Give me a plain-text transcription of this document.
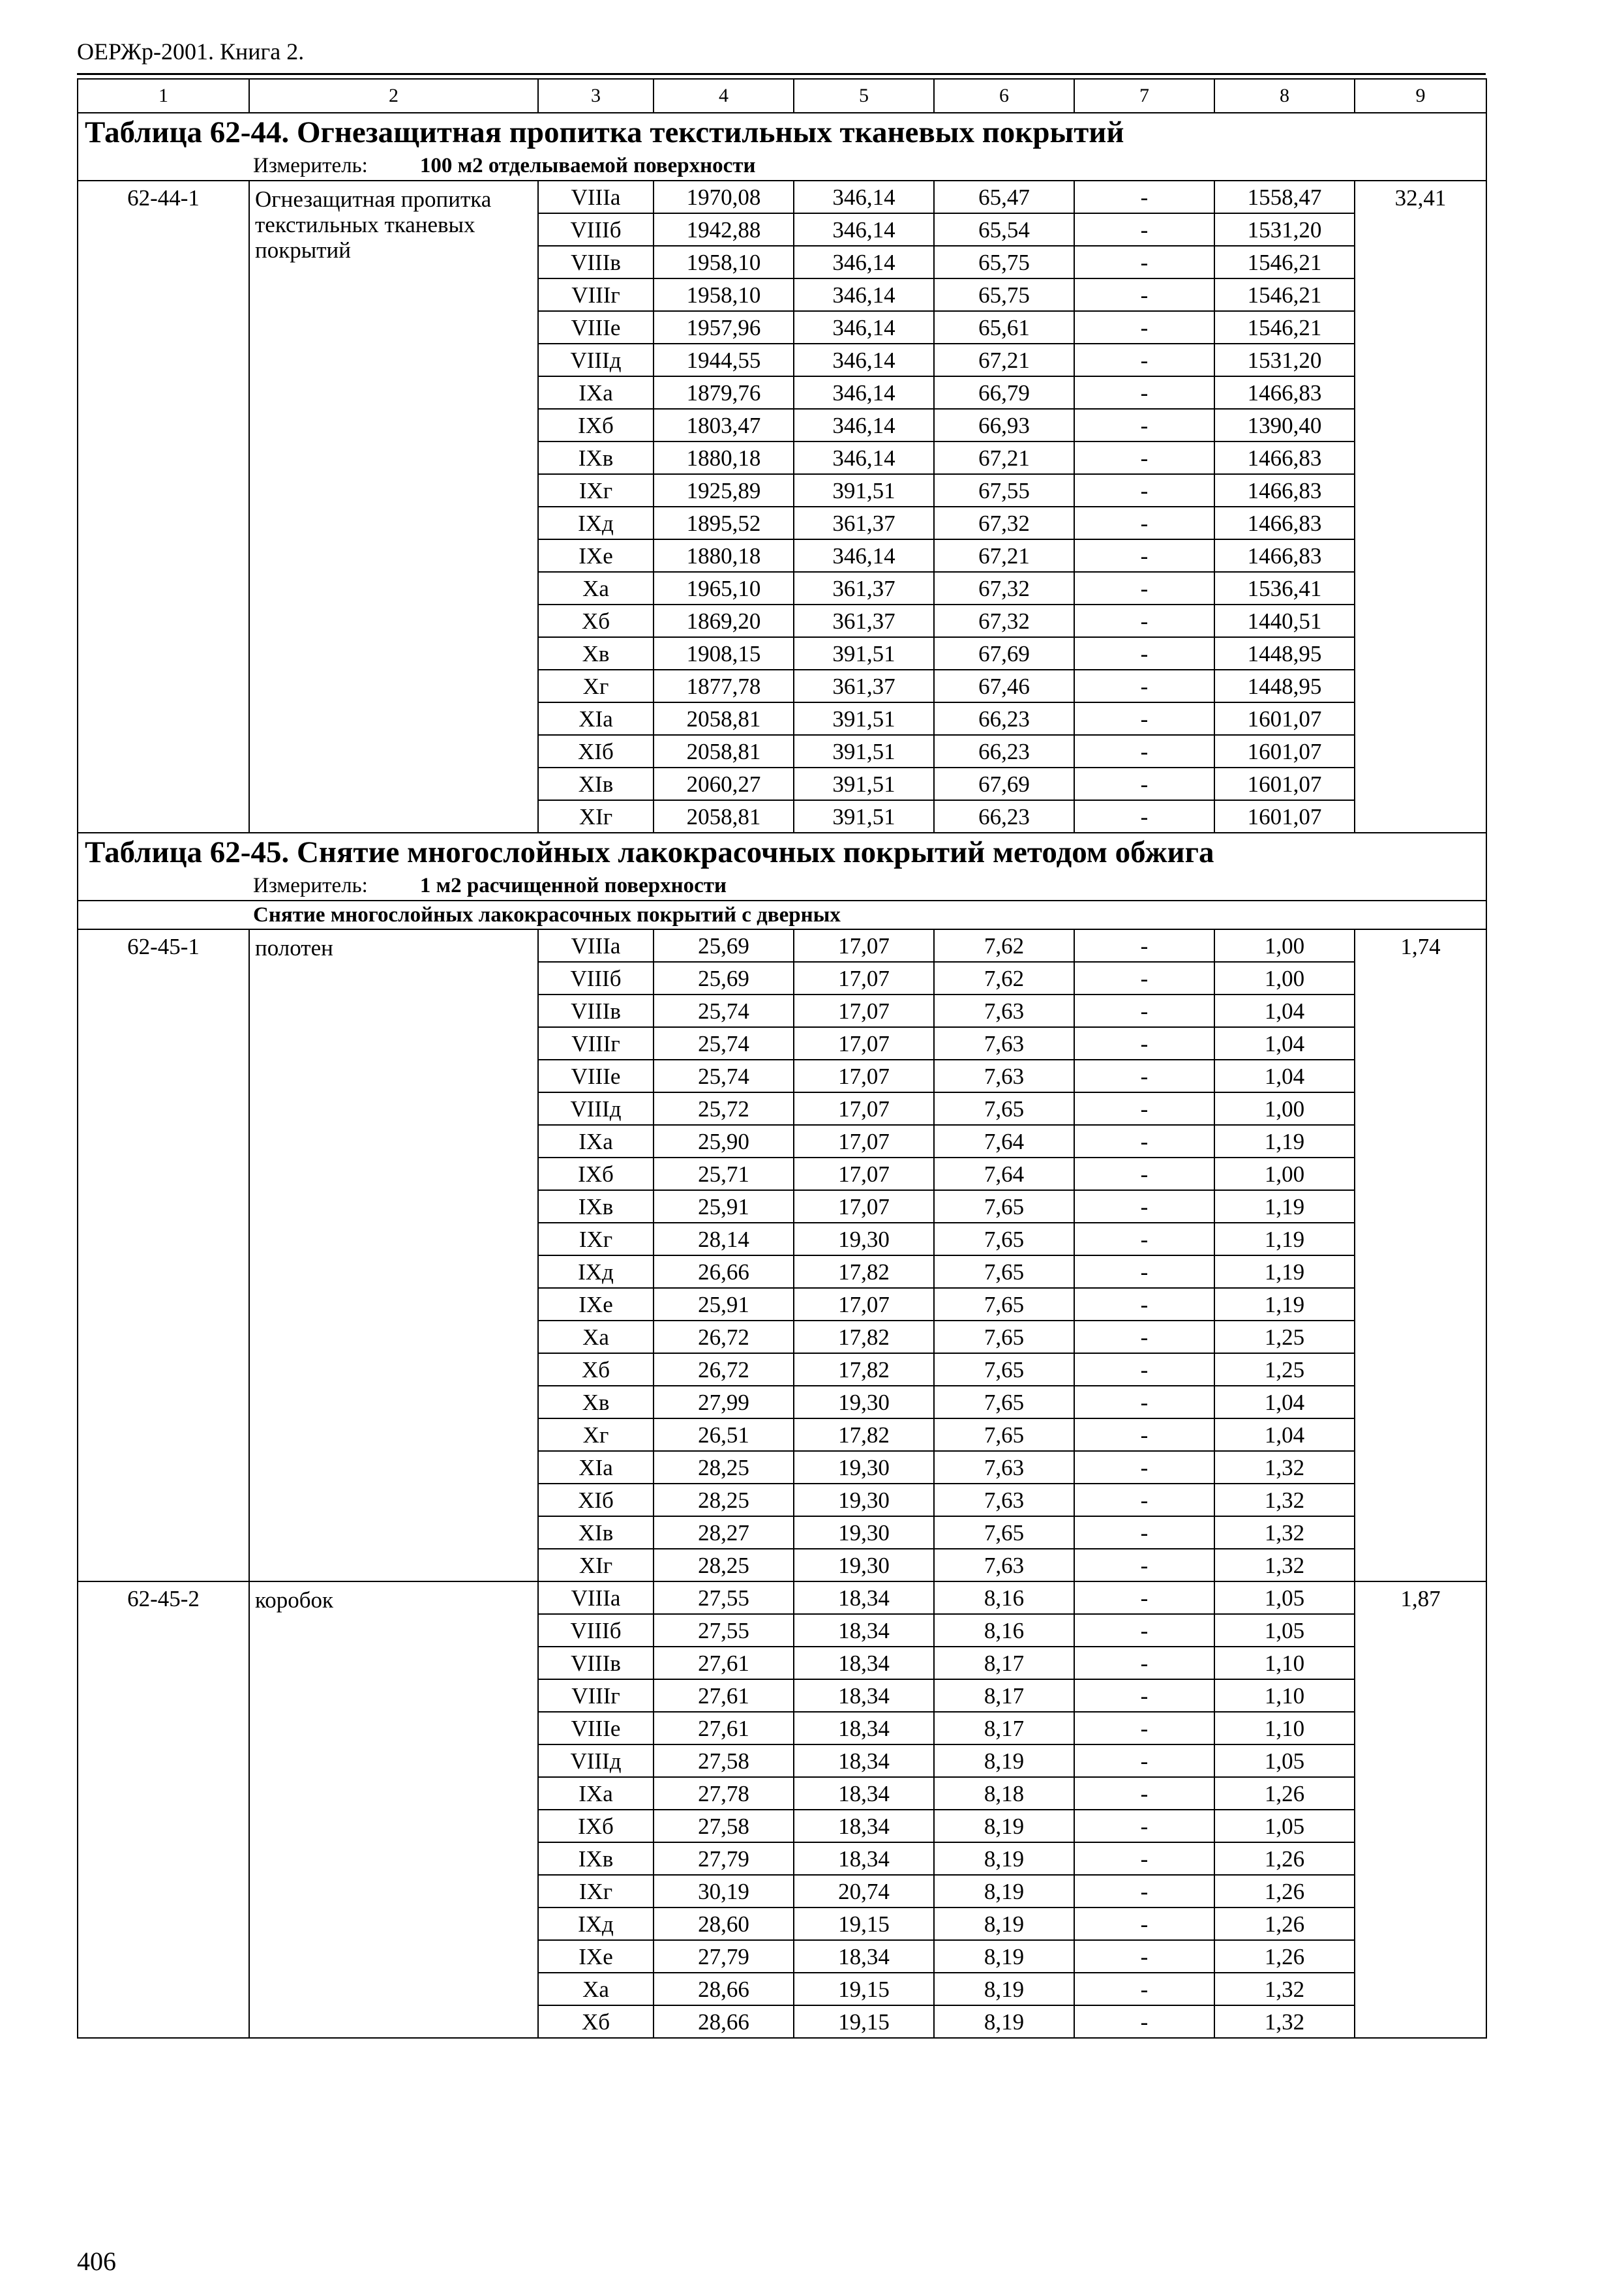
ОЕРЖр-2001. Книга 2.
1	2	3	4	5	6	7	8	9
Таблица 62-44. Огнезащитная пропитка текстильных тканевых покрытий								
Измеритель: 100 м2 отделываемой поверхности								
62-44-1	Огнезащитная пропитка текстильных тканевых покрытий	VIIIа	1970,08	346,14	65,47	-	1558,47	32,41
		VIIIб	1942,88	346,14	65,54	-	1531,20	
		VIIIв	1958,10	346,14	65,75	-	1546,21	
		VIIIг	1958,10	346,14	65,75	-	1546,21	
		VIIIе	1957,96	346,14	65,61	-	1546,21	
		VIIIд	1944,55	346,14	67,21	-	1531,20	
		IXа	1879,76	346,14	66,79	-	1466,83	
		IXб	1803,47	346,14	66,93	-	1390,40	
		IXв	1880,18	346,14	67,21	-	1466,83	
		IXг	1925,89	391,51	67,55	-	1466,83	
		IXд	1895,52	361,37	67,32	-	1466,83	
		IXе	1880,18	346,14	67,21	-	1466,83	
		Xа	1965,10	361,37	67,32	-	1536,41	
		Xб	1869,20	361,37	67,32	-	1440,51	
		Xв	1908,15	391,51	67,69	-	1448,95	
		Xг	1877,78	361,37	67,46	-	1448,95	
		XIа	2058,81	391,51	66,23	-	1601,07	
		XIб	2058,81	391,51	66,23	-	1601,07	
		XIв	2060,27	391,51	67,69	-	1601,07	
		XIг	2058,81	391,51	66,23	-	1601,07	
Таблица 62-45. Снятие многослойных лакокрасочных покрытий методом обжига								
Измеритель: 1 м2 расчищенной поверхности								
Снятие многослойных лакокрасочных покрытий с дверных								
62-45-1	полотен	VIIIа	25,69	17,07	7,62	-	1,00	1,74
		VIIIб	25,69	17,07	7,62	-	1,00	
		VIIIв	25,74	17,07	7,63	-	1,04	
		VIIIг	25,74	17,07	7,63	-	1,04	
		VIIIе	25,74	17,07	7,63	-	1,04	
		VIIIд	25,72	17,07	7,65	-	1,00	
		IXа	25,90	17,07	7,64	-	1,19	
		IXб	25,71	17,07	7,64	-	1,00	
		IXв	25,91	17,07	7,65	-	1,19	
		IXг	28,14	19,30	7,65	-	1,19	
		IXд	26,66	17,82	7,65	-	1,19	
		IXе	25,91	17,07	7,65	-	1,19	
		Xа	26,72	17,82	7,65	-	1,25	
		Xб	26,72	17,82	7,65	-	1,25	
		Xв	27,99	19,30	7,65	-	1,04	
		Xг	26,51	17,82	7,65	-	1,04	
		XIа	28,25	19,30	7,63	-	1,32	
		XIб	28,25	19,30	7,63	-	1,32	
		XIв	28,27	19,30	7,65	-	1,32	
		XIг	28,25	19,30	7,63	-	1,32	
62-45-2	коробок	VIIIа	27,55	18,34	8,16	-	1,05	1,87
		VIIIб	27,55	18,34	8,16	-	1,05	
		VIIIв	27,61	18,34	8,17	-	1,10	
		VIIIг	27,61	18,34	8,17	-	1,10	
		VIIIе	27,61	18,34	8,17	-	1,10	
		VIIIд	27,58	18,34	8,19	-	1,05	
		IXа	27,78	18,34	8,18	-	1,26	
		IXб	27,58	18,34	8,19	-	1,05	
		IXв	27,79	18,34	8,19	-	1,26	
		IXг	30,19	20,74	8,19	-	1,26	
		IXд	28,60	19,15	8,19	-	1,26	
		IXе	27,79	18,34	8,19	-	1,26	
		Xа	28,66	19,15	8,19	-	1,32	
		Xб	28,66	19,15	8,19	-	1,32	
406
